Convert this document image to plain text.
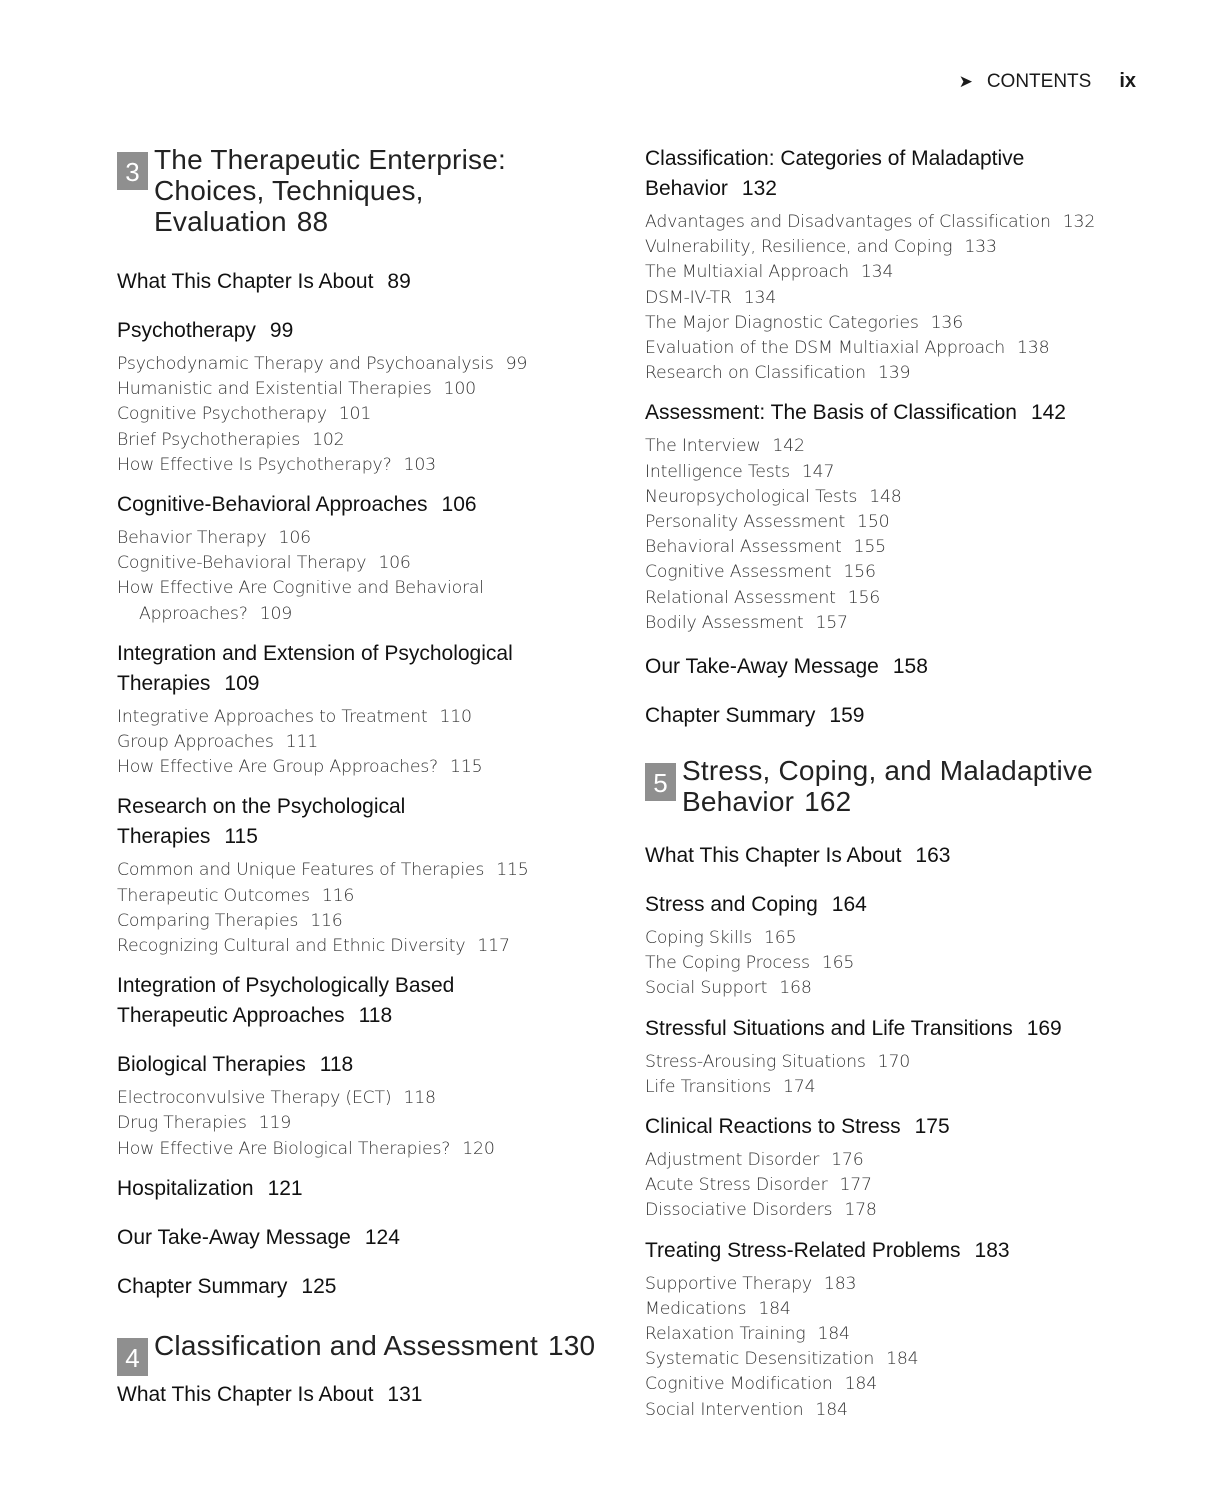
➤ CONTENTS ix
3 The Therapeutic Enterprise:
Choices, Techniques,
Evaluation 88
What This Chapter Is About 89
Psychotherapy 99
Psychodynamic Therapy and Psychoanalysis 99
Humanistic and Existential Therapies 100
Cognitive Psychotherapy 101
Brief Psychotherapies 102
How Effective Is Psychotherapy? 103
Cognitive-Behavioral Approaches 106
Behavior Therapy 106
Cognitive-Behavioral Therapy 106
How Effective Are Cognitive and Behavioral
Approaches? 109
Integration and Extension of Psychological
Therapies 109
Integrative Approaches to Treatment 110
Group Approaches 111
How Effective Are Group Approaches? 115
Research on the Psychological
Therapies 115
Common and Unique Features of Therapies 115
Therapeutic Outcomes 116
Comparing Therapies 116
Recognizing Cultural and Ethnic Diversity 117
Integration of Psychologically Based
Therapeutic Approaches 118
Biological Therapies 118
Electroconvulsive Therapy (ECT) 118
Drug Therapies 119
How Effective Are Biological Therapies? 120
Hospitalization 121
Our Take-Away Message 124
Chapter Summary 125
4 Classification and Assessment 130
What This Chapter Is About 131
Classification: Categories of Maladaptive
Behavior 132
Advantages and Disadvantages of Classification 132
Vulnerability, Resilience, and Coping 133
The Multiaxial Approach 134
DSM-IV-TR 134
The Major Diagnostic Categories 136
Evaluation of the DSM Multiaxial Approach 138
Research on Classification 139
Assessment: The Basis of Classification 142
The Interview 142
Intelligence Tests 147
Neuropsychological Tests 148
Personality Assessment 150
Behavioral Assessment 155
Cognitive Assessment 156
Relational Assessment 156
Bodily Assessment 157
Our Take-Away Message 158
Chapter Summary 159
5 Stress, Coping, and Maladaptive
Behavior 162
What This Chapter Is About 163
Stress and Coping 164
Coping Skills 165
The Coping Process 165
Social Support 168
Stressful Situations and Life Transitions 169
Stress-Arousing Situations 170
Life Transitions 174
Clinical Reactions to Stress 175
Adjustment Disorder 176
Acute Stress Disorder 177
Dissociative Disorders 178
Treating Stress-Related Problems 183
Supportive Therapy 183
Medications 184
Relaxation Training 184
Systematic Desensitization 184
Cognitive Modification 184
Social Intervention 184
